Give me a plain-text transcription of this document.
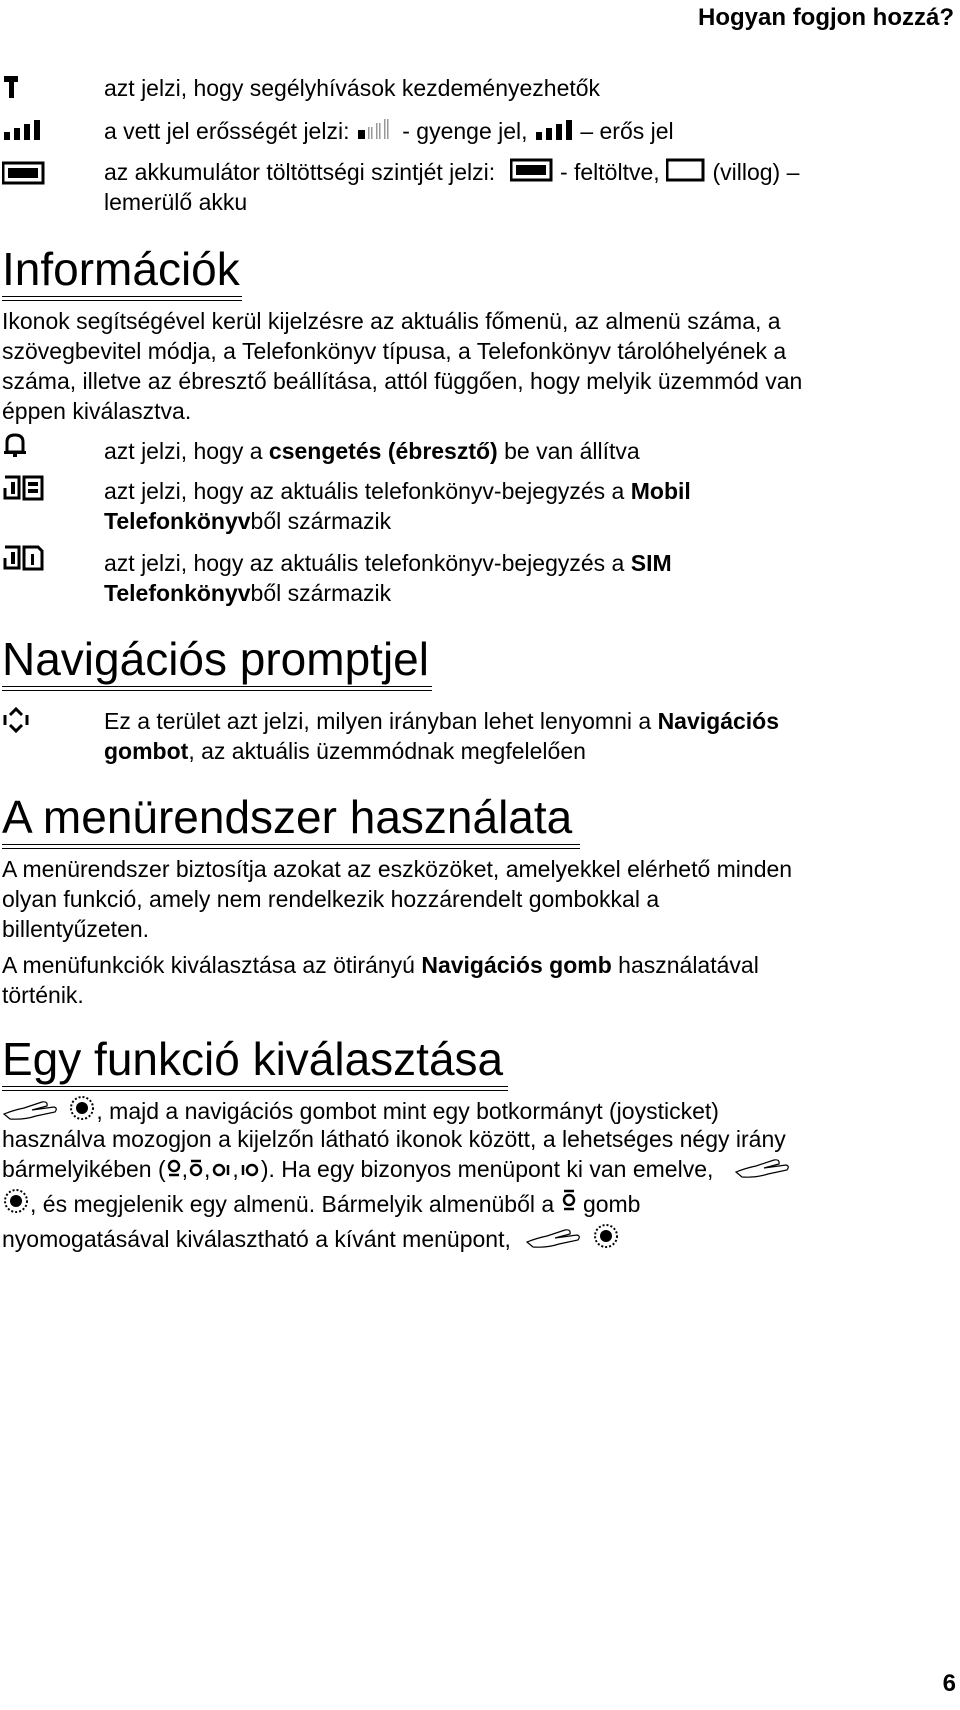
Hogyan fogjon hozzá?
azt jelzi, hogy segélyhívások kezdeményezhetők
a vett jel erősségét jelzi: - gyenge jel, – erős jel
az akkumulátor töltöttségi szintjét jelzi:	- feltöltve, (villog) –
lemerülő akku
Információk
Ikonok segítségével kerül kijelzésre az aktuális főmenü, az almenü száma, a
szövegbevitel módja, a Telefonkönyv típusa, a Telefonkönyv tárolóhelyének a
száma, illetve az ébresztő beállítása, attól függően, hogy melyik üzemmód van
éppen kiválasztva.
azt jelzi, hogy a csengetés (ébresztő) be van állítva
azt jelzi, hogy az aktuális telefonkönyv-bejegyzés a Mobil
Telefonkönyvből származik
azt jelzi, hogy az aktuális telefonkönyv-bejegyzés a SIM
Telefonkönyvből származik
Navigációs promptjel
Ez a terület azt jelzi, milyen irányban lehet lenyomni a Navigációs
gombot, az aktuális üzemmódnak megfelelően
A menürendszer használata
A menürendszer biztosítja azokat az eszközöket, amelyekkel elérhető minden
olyan funkció, amely nem rendelkezik hozzárendelt gombokkal a
billentyűzeten.
A menüfunkciók kiválasztása az ötirányú Navigációs gomb használatával
történik.
Egy funkció kiválasztása
, majd a navigációs gombot mint egy botkormányt (joysticket)
használva mozogjon a kijelzőn látható ikonok között, a lehetséges négy irány
bármelyikében ( , , , ). Ha egy bizonyos menüpont ki van emelve,
, és megjelenik egy almenü. Bármelyik almenüből a gomb
nyomogatásával kiválasztható a kívánt menüpont,
6
